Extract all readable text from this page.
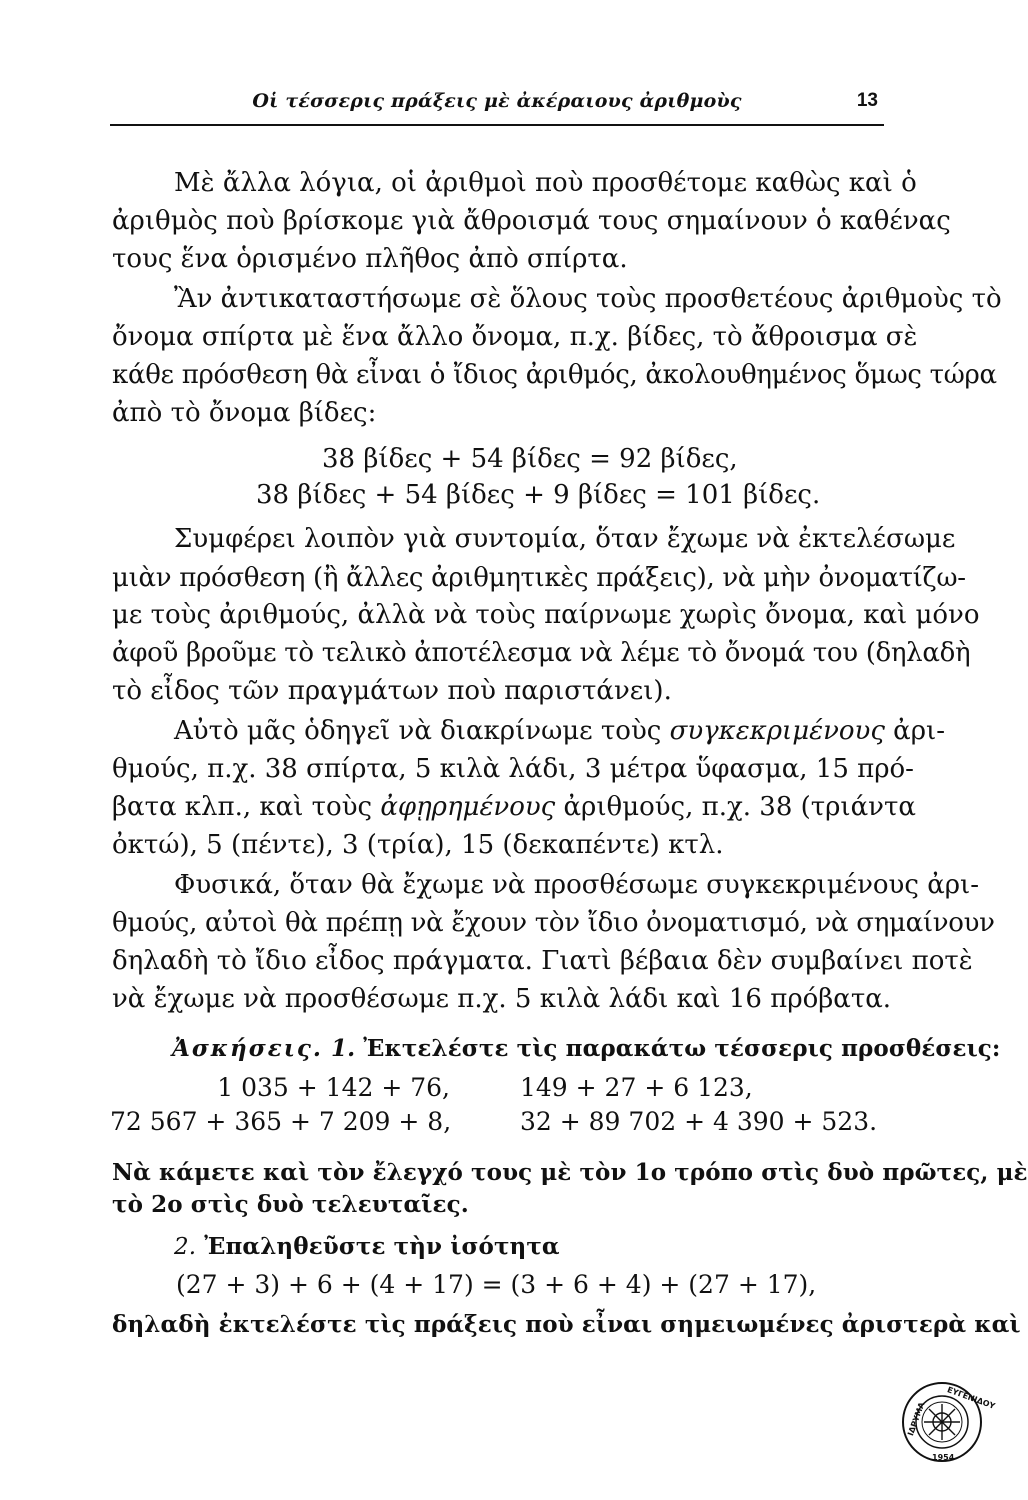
Οἱ τέσσερις πράξεις μὲ ἀκέραιους ἀριθμοὺς	13
Μὲ ἄλλα λόγια, οἱ ἀριθμοὶ ποὺ προσθέτομε καθὼς καὶ ὁ
ἀριθμὸς ποὺ βρίσκομε γιὰ ἄθροισμά τους σημαίνουν ὁ καθένας
τους ἕνα ὁρισμένο πλῆθος ἀπὸ σπίρτα.
Ἂν ἀντικαταστήσωμε σὲ ὅλους τοὺς προσθετέους ἀριθμοὺς τὸ
ὄνομα σπίρτα μὲ ἕνα ἄλλο ὄνομα, π.χ. βίδες, τὸ ἄθροισμα σὲ
κάθε πρόσθεση θὰ εἶναι ὁ ἴδιος ἀριθμός, ἀκολουθημένος ὅμως τώρα
ἀπὸ τὸ ὄνομα βίδες:
38 βίδες + 54 βίδες = 92 βίδες,
38 βίδες + 54 βίδες + 9 βίδες = 101 βίδες.
Συμφέρει λοιπὸν γιὰ συντομία, ὅταν ἔχωμε νὰ ἐκτελέσωμε
μιὰν πρόσθεση (ἢ ἄλλες ἀριθμητικὲς πράξεις), νὰ μὴν ὀνοματίζω-
με τοὺς ἀριθμούς, ἀλλὰ νὰ τοὺς παίρνωμε χωρὶς ὄνομα, καὶ μόνο
ἀφοῦ βροῦμε τὸ τελικὸ ἀποτέλεσμα νὰ λέμε τὸ ὄνομά του (δηλαδὴ
τὸ εἶδος τῶν πραγμάτων ποὺ παριστάνει).
Αὐτὸ μᾶς ὁδηγεῖ νὰ διακρίνωμε τοὺς συγκεκριμένους ἀρι-
θμούς, π.χ. 38 σπίρτα, 5 κιλὰ λάδι, 3 μέτρα ὕφασμα, 15 πρό-
βατα κλπ., καὶ τοὺς ἀφῃρημένους ἀριθμούς, π.χ. 38 (τριάντα
ὀκτώ), 5 (πέντε), 3 (τρία), 15 (δεκαπέντε) κτλ.
Φυσικά, ὅταν θὰ ἔχωμε νὰ προσθέσωμε συγκεκριμένους ἀρι-
θμούς, αὐτοὶ θὰ πρέπῃ νὰ ἔχουν τὸν ἴδιο ὀνοματισμό, νὰ σημαίνουν
δηλαδὴ τὸ ἴδιο εἶδος πράγματα. Γιατὶ βέβαια δὲν συμβαίνει ποτὲ
νὰ ἔχωμε νὰ προσθέσωμε π.χ. 5 κιλὰ λάδι καὶ 16 πρόβατα.
Ἀσκήσεις. 1. Ἐκτελέστε τὶς παρακάτω τέσσερις προσθέσεις:
1 035 + 142 + 76,	149 + 27 + 6 123,
72 567 + 365 + 7 209 + 8,	32 + 89 702 + 4 390 + 523.
Νὰ κάμετε καὶ τὸν ἔλεγχό τους μὲ τὸν 1ο τρόπο στὶς δυὸ πρῶτες, μὲ
τὸ 2ο στὶς δυὸ τελευταῖες.
2. Ἐπαληθεῦστε τὴν ἰσότητα
(27 + 3) + 6 + (4 + 17) = (3 + 6 + 4) + (27 + 17),
δηλαδὴ ἐκτελέστε τὶς πράξεις ποὺ εἶναι σημειωμένες ἀριστερὰ καὶ
ΕΥΓΕΝΙΔΟΥ
ΙΔΡΥΜΑ
1954
